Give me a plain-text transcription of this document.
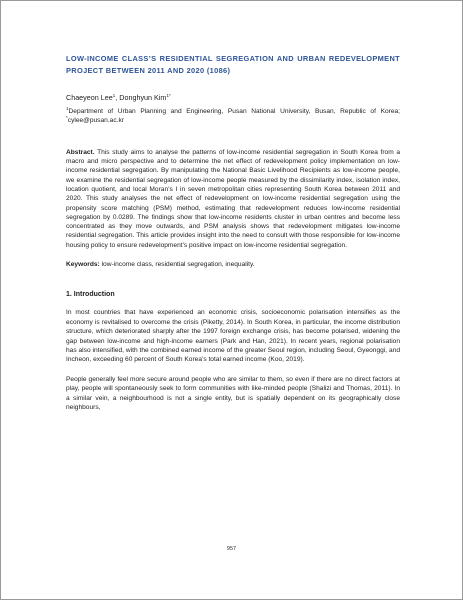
LOW-INCOME CLASS’S RESIDENTIAL SEGREGATION AND URBAN REDEVELOPMENT PROJECT BETWEEN 2011 AND 2020 (1086)

Chaeyeon Lee$^1$, Donghyun Kim$^{1*}$

$^1$Department of Urban Planning and Engineering, Pusan National University, Busan, Republic of Korea; *cylee@pusan.ac.kr

Abstract. This study aims to analyse the patterns of low-income residential segregation in South Korea from a macro and micro perspective and to determine the net effect of redevelopment policy implementation on low-income residential segregation. By manipulating the National Basic Livelihood Recipients as low-income people, we examine the residential segregation of low-income people measured by the dissimilarity index, isolation index, location quotient, and local Moran’s I in seven metropolitan cities representing South Korea between 2011 and 2020. This study analyses the net effect of redevelopment on low-income residential segregation using the propensity score matching (PSM) method, estimating that redevelopment reduces low-income residential segregation by 0.0289. The findings show that low-income residents cluster in urban centres and become less concentrated as they move outwards, and PSM analysis shows that redevelopment mitigates low-income residential segregation. This article provides insight into the need to consult with those responsible for low-income housing policy to ensure redevelopment’s positive impact on low-income residential segregation.

Keywords: low-income class, residential segregation, inequality.

1. Introduction

In most countries that have experienced an economic crisis, socioeconomic polarisation intensifies as the economy is revitalised to overcome the crisis (Piketty, 2014). In South Korea, in particular, the income distribution structure, which deteriorated sharply after the 1997 foreign exchange crisis, has become polarised, widening the gap between low-income and high-income earners (Park and Han, 2021). In recent years, regional polarisation has also intensified, with the combined earned income of the greater Seoul region, including Seoul, Gyeonggi, and Incheon, exceeding 60 percent of South Korea’s total earned income (Koo, 2019).

People generally feel more secure around people who are similar to them, so even if there are no direct factors at play, people will spontaneously seek to form communities with like-minded people (Shalizi and Thomas, 2011). In a similar vein, a neighbourhood is not a single entity, but is spatially dependent on its geographically close neighbours,

957
